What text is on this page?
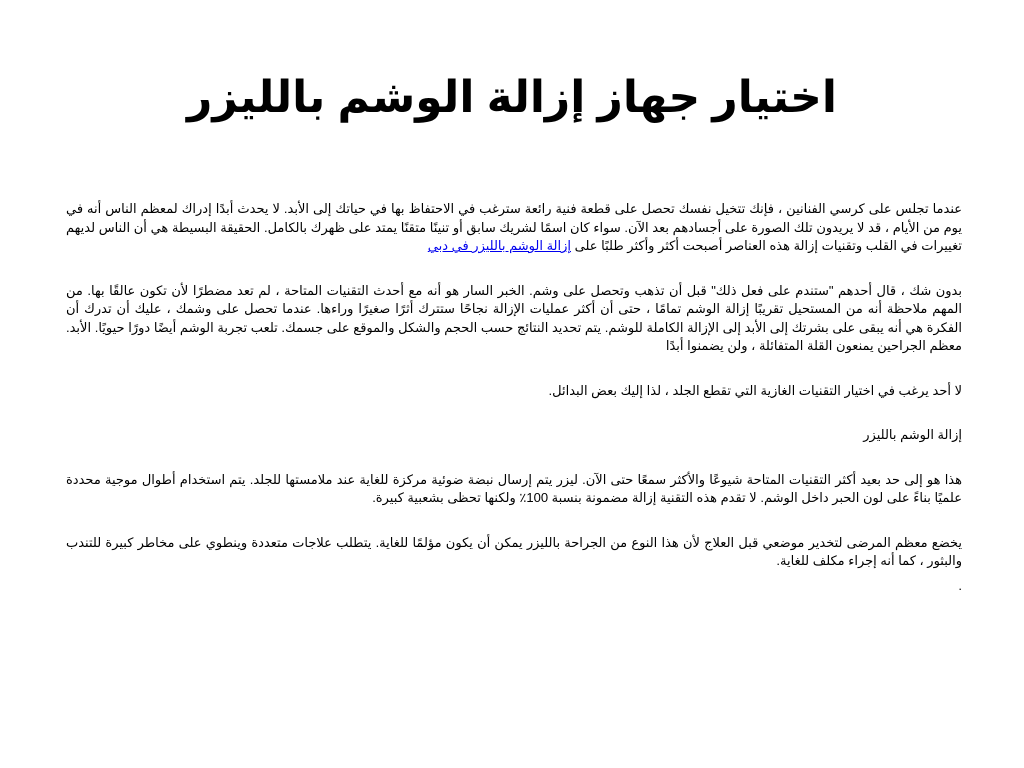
اختيار جهاز إزالة الوشم بالليزر

عندما تجلس على كرسي الفنانين ، فإنك تتخيل نفسك تحصل على قطعة فنية رائعة سترغب في الاحتفاظ بها في حياتك إلى الأبد. لا يحدث أبدًا إدراك لمعظم الناس أنه في يوم من الأيام ، قد لا يريدون تلك الصورة على أجسادهم بعد الآن. سواء كان اسمًا لشريك سابق أو تنينًا متقنًا يمتد على ظهرك بالكامل. الحقيقة البسيطة هي أن الناس لديهم تغييرات في القلب وتقنيات إزالة هذه العناصر أصبحت أكثر وأكثر طلبًا على إزالة الوشم بالليزر في دبي

بدون شك ، قال أحدهم "ستندم على فعل ذلك" قبل أن تذهب وتحصل على وشم. الخبر السار هو أنه مع أحدث التقنيات المتاحة ، لم تعد مضطرًا لأن تكون عالقًا بها. من المهم ملاحظة أنه من المستحيل تقريبًا إزالة الوشم تمامًا ، حتى أن أكثر عمليات الإزالة نجاحًا ستترك أثرًا صغيرًا وراءها. عندما تحصل على وشمك ، عليك أن تدرك أن الفكرة هي أنه يبقى على بشرتك إلى الأبد إلى الإزالة الكاملة للوشم. يتم تحديد النتائج حسب الحجم والشكل والموقع على جسمك. تلعب تجربة الوشم أيضًا دورًا حيويًا. الأبد. معظم الجراحين يمنعون القلة المتفائلة ، ولن يضمنوا أبدًا

لا أحد يرغب في اختيار التقنيات الغازية التي تقطع الجلد ، لذا إليك بعض البدائل.

إزالة الوشم بالليزر

هذا هو إلى حد بعيد أكثر التقنيات المتاحة شيوعًا والأكثر سمعًا حتى الآن. ليزر يتم إرسال نبضة ضوئية مركزة للغاية عند ملامستها للجلد. يتم استخدام أطوال موجية محددة علميًا بناءً على لون الحبر داخل الوشم. لا تقدم هذه التقنية إزالة مضمونة بنسبة 100٪ ولكنها تحظى بشعبية كبيرة.

يخضع معظم المرضى لتخدير موضعي قبل العلاج لأن هذا النوع من الجراحة بالليزر يمكن أن يكون مؤلمًا للغاية. يتطلب علاجات متعددة وينطوي على مخاطر كبيرة للتندب والبثور ، كما أنه إجراء مكلف للغاية.

.
